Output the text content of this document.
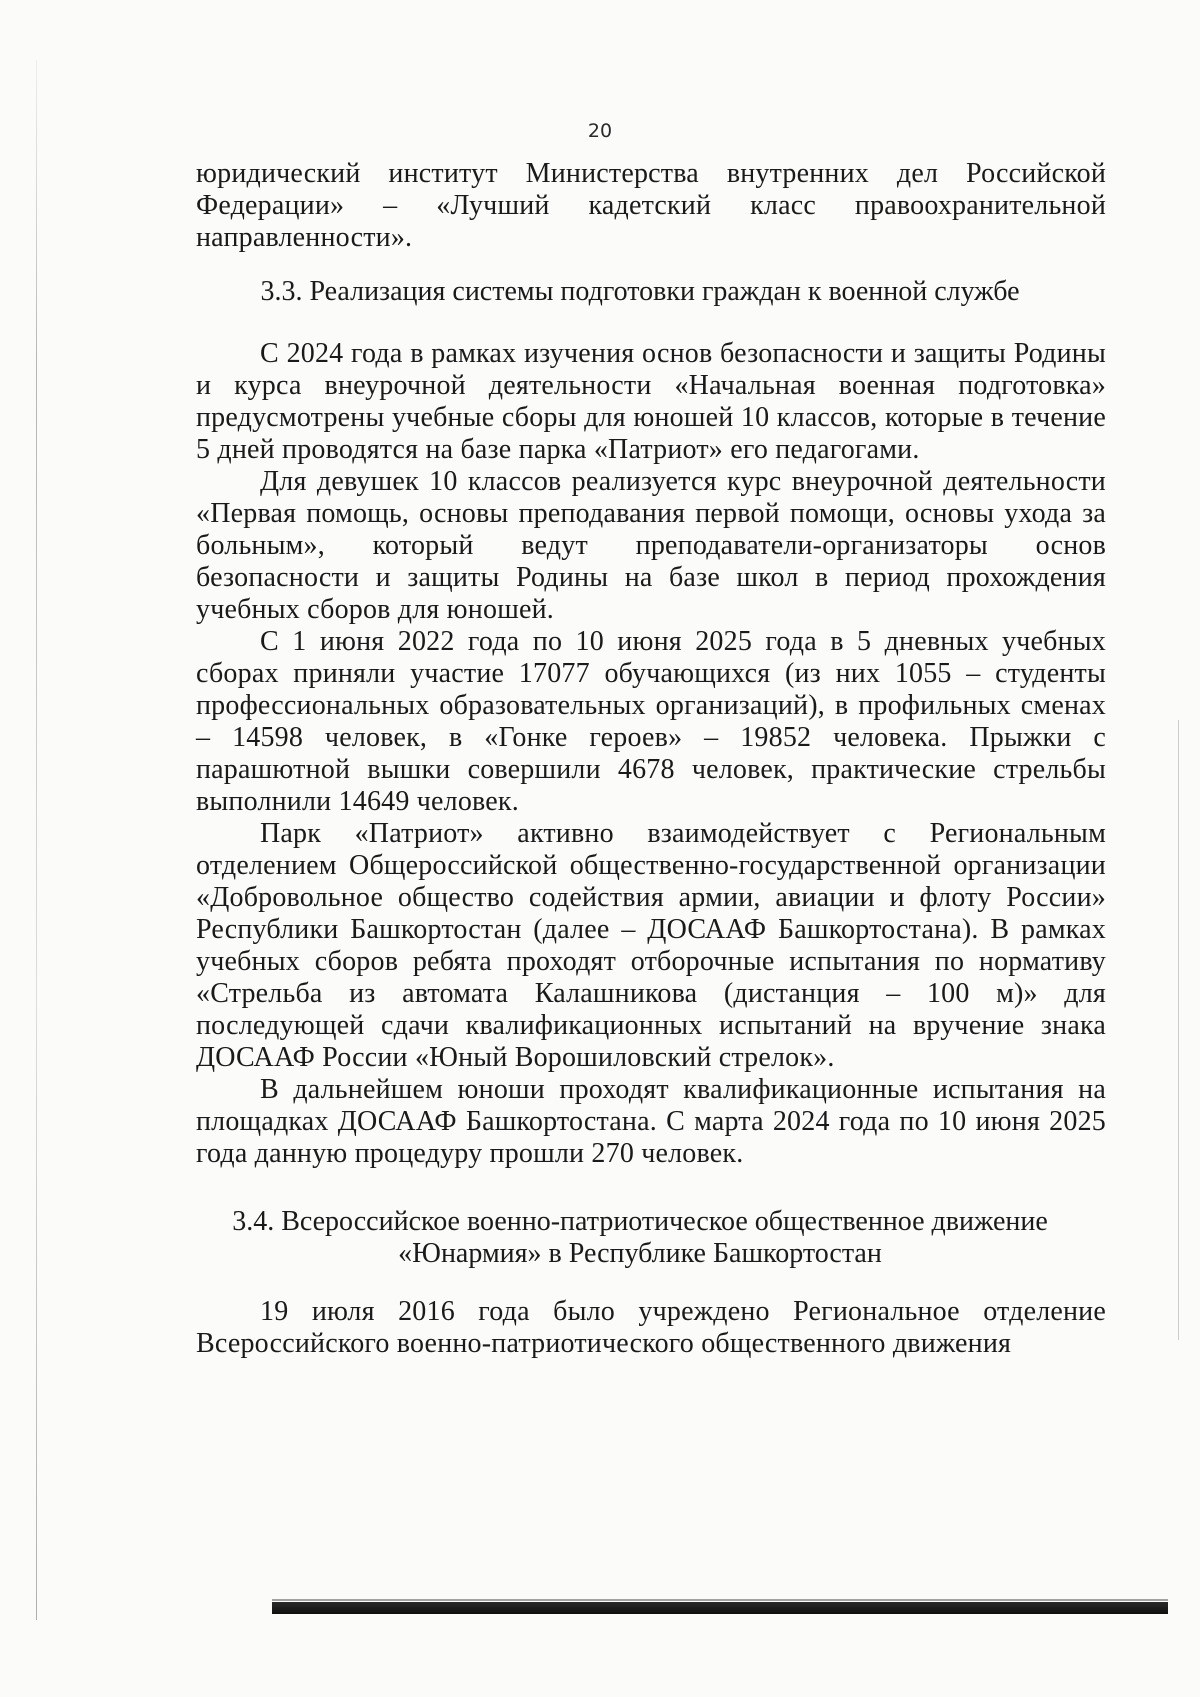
20

юридический институт Министерства внутренних дел Российской Федерации» – «Лучший кадетский класс правоохранительной направленности».

3.3. Реализация системы подготовки граждан к военной службе

С 2024 года в рамках изучения основ безопасности и защиты Родины и курса внеурочной деятельности «Начальная военная подготовка» предусмотрены учебные сборы для юношей 10 классов, которые в течение 5 дней проводятся на базе парка «Патриот» его педагогами.

Для девушек 10 классов реализуется курс внеурочной деятельности «Первая помощь, основы преподавания первой помощи, основы ухода за больным», который ведут преподаватели-организаторы основ безопасности и защиты Родины на базе школ в период прохождения учебных сборов для юношей.

С 1 июня 2022 года по 10 июня 2025 года в 5 дневных учебных сборах приняли участие 17077 обучающихся (из них 1055 – студенты профессиональных образовательных организаций), в профильных сменах – 14598 человек, в «Гонке героев» – 19852 человека. Прыжки с парашютной вышки совершили 4678 человек, практические стрельбы выполнили 14649 человек.

Парк «Патриот» активно взаимодействует с Региональным отделением Общероссийской общественно-государственной организации «Добровольное общество содействия армии, авиации и флоту России» Республики Башкортостан (далее – ДОСААФ Башкортостана). В рамках учебных сборов ребята проходят отборочные испытания по нормативу «Стрельба из автомата Калашникова (дистанция – 100 м)» для последующей сдачи квалификационных испытаний на вручение знака ДОСААФ России «Юный Ворошиловский стрелок».

В дальнейшем юноши проходят квалификационные испытания на площадках ДОСААФ Башкортостана. С марта 2024 года по 10 июня 2025 года данную процедуру прошли 270 человек.

3.4. Всероссийское военно-патриотическое общественное движение
«Юнармия» в Республике Башкортостан

19 июля 2016 года было учреждено Региональное отделение Всероссийского военно-патриотического общественного движения
